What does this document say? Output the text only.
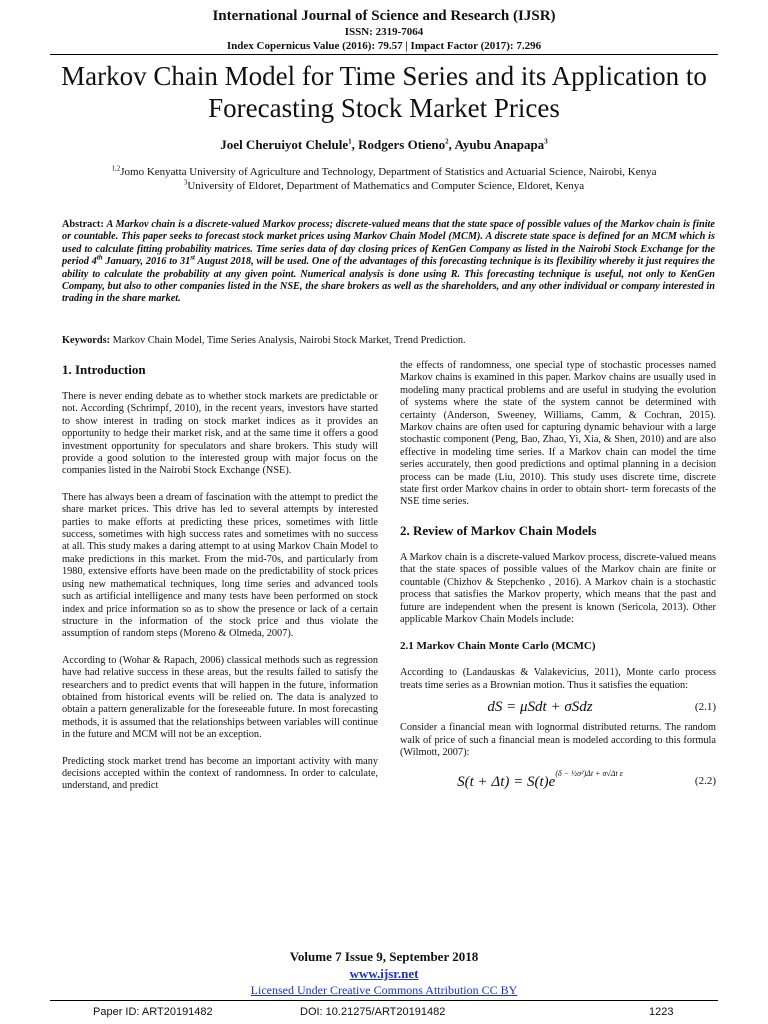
International Journal of Science and Research (IJSR)
ISSN: 2319-7064
Index Copernicus Value (2016): 79.57 | Impact Factor (2017): 7.296
Markov Chain Model for Time Series and its Application to Forecasting Stock Market Prices
Joel Cheruiyot Chelule$^1$, Rodgers Otieno$^2$, Ayubu Anapapa$^3$
$^{1,2}$Jomo Kenyatta University of Agriculture and Technology, Department of Statistics and Actuarial Science, Nairobi, Kenya
$^3$University of Eldoret, Department of Mathematics and Computer Science, Eldoret, Kenya
Abstract: A Markov chain is a discrete-valued Markov process; discrete-valued means that the state space of possible values of the Markov chain is finite or countable. This paper seeks to forecast stock market prices using Markov Chain Model (MCM). A discrete state space is defined for an MCM which is used to calculate fitting probability matrices. Time series data of day closing prices of KenGen Company as listed in the Nairobi Stock Exchange for the period 4th January, 2016 to 31st August 2018, will be used. One of the advantages of this forecasting technique is its flexibility whereby it just requires the ability to calculate the probability at any given point. Numerical analysis is done using R. This forecasting technique is useful, not only to KenGen Company, but also to other companies listed in the NSE, the share brokers as well as the shareholders, and any other individual or company interested in trading in the share market.
Keywords: Markov Chain Model, Time Series Analysis, Nairobi Stock Market, Trend Prediction.
1. Introduction

There is never ending debate as to whether stock markets are predictable or not. According (Schrimpf, 2010), in the recent years, investors have started to show interest in trading on stock market indices as it provides an opportunity to hedge their market risk, and at the same time it offers a good investment opportunity for speculators and share brokers. This study will provide a good solution to the interested group with major focus on the companies listed in the Nairobi Stock Exchange (NSE).

There has always been a dream of fascination with the attempt to predict the share market prices. This drive has led to several attempts by interested parties to make efforts at predicting these prices, sometimes with little success, sometimes with high success rates and sometimes with no success at all. This study makes a daring attempt to at using Markov Chain Model to make predictions in this market. From the mid-70s, and particularly from 1980, extensive efforts have been made on the predictability of stock prices using new mathematical techniques, long time series and advanced tools such as artificial intelligence and many tests have been performed on stock index and price information so as to show the presence or lack of a certain structure in the information of the stock price and thus violate the assumption of random steps (Moreno & Olmeda, 2007).

According to (Wohar & Rapach, 2006) classical methods such as regression have had relative success in these areas, but the results failed to satisfy the researchers and to predict events that will happen in the future, information obtained from historical events will be relied on. The data is analyzed to obtain a pattern generalizable for the foreseeable future. In most forecasting methods, it is assumed that the relationships between variables will continue in the future and MCM will not be an exception.

Predicting stock market trend has become an important activity with many decisions accepted within the context of randomness. In order to calculate, understand, and predict

the effects of randomness, one special type of stochastic processes named Markov chains is examined in this paper. Markov chains are usually used in modeling many practical problems and are useful in studying the evolution of systems where the state of the system cannot be determined with certainty (Anderson, Sweeney, Williams, Camm, & Cochran, 2015). Markov chains are often used for capturing dynamic behaviour with a large stochastic component (Peng, Bao, Zhao, Yi, Xia, & Shen, 2010) and are also effective in modeling time series. If a Markov chain can model the time series accurately, then good predictions and optimal planning in a decision process can be made (Liu, 2010). This study uses discrete time, discrete state first order Markov chains in order to obtain short- term forecasts of the NSE time series.

2. Review of Markov Chain Models

A Markov chain is a discrete-valued Markov process, discrete-valued means that the state spaces of possible values of the Markov chain are finite or countable (Chizhov & Stepchenko , 2016). A Markov chain is a stochastic process that satisfies the Markov property, which means that the past and future are independent when the present is known (Sericola, 2013). Other applicable Markov Chain Models include:

2.1 Markov Chain Monte Carlo (MCMC)

According to (Landauskas & Valakevicius, 2011), Monte carlo process treats time series as a Brownian motion. Thus it satisfies the equation:

dS = μSdt + σSdz	(2.1)

Consider a financial mean with lognormal distributed returns. The random walk of price of such a financial mean is modeled according to this formula (Wilmott, 2007):

$S(t + \Delta t) = S(t)e^{(\delta - \frac{1}{2}\sigma^2)\Delta t + \sigma√\Delta t \varepsilon}$
(2.2)
Volume 7 Issue 9, September 2018
www.ijsr.net
Licensed Under Creative Commons Attribution CC BY
Paper ID: ART20191482	DOI: 10.21275/ART20191482	1223
